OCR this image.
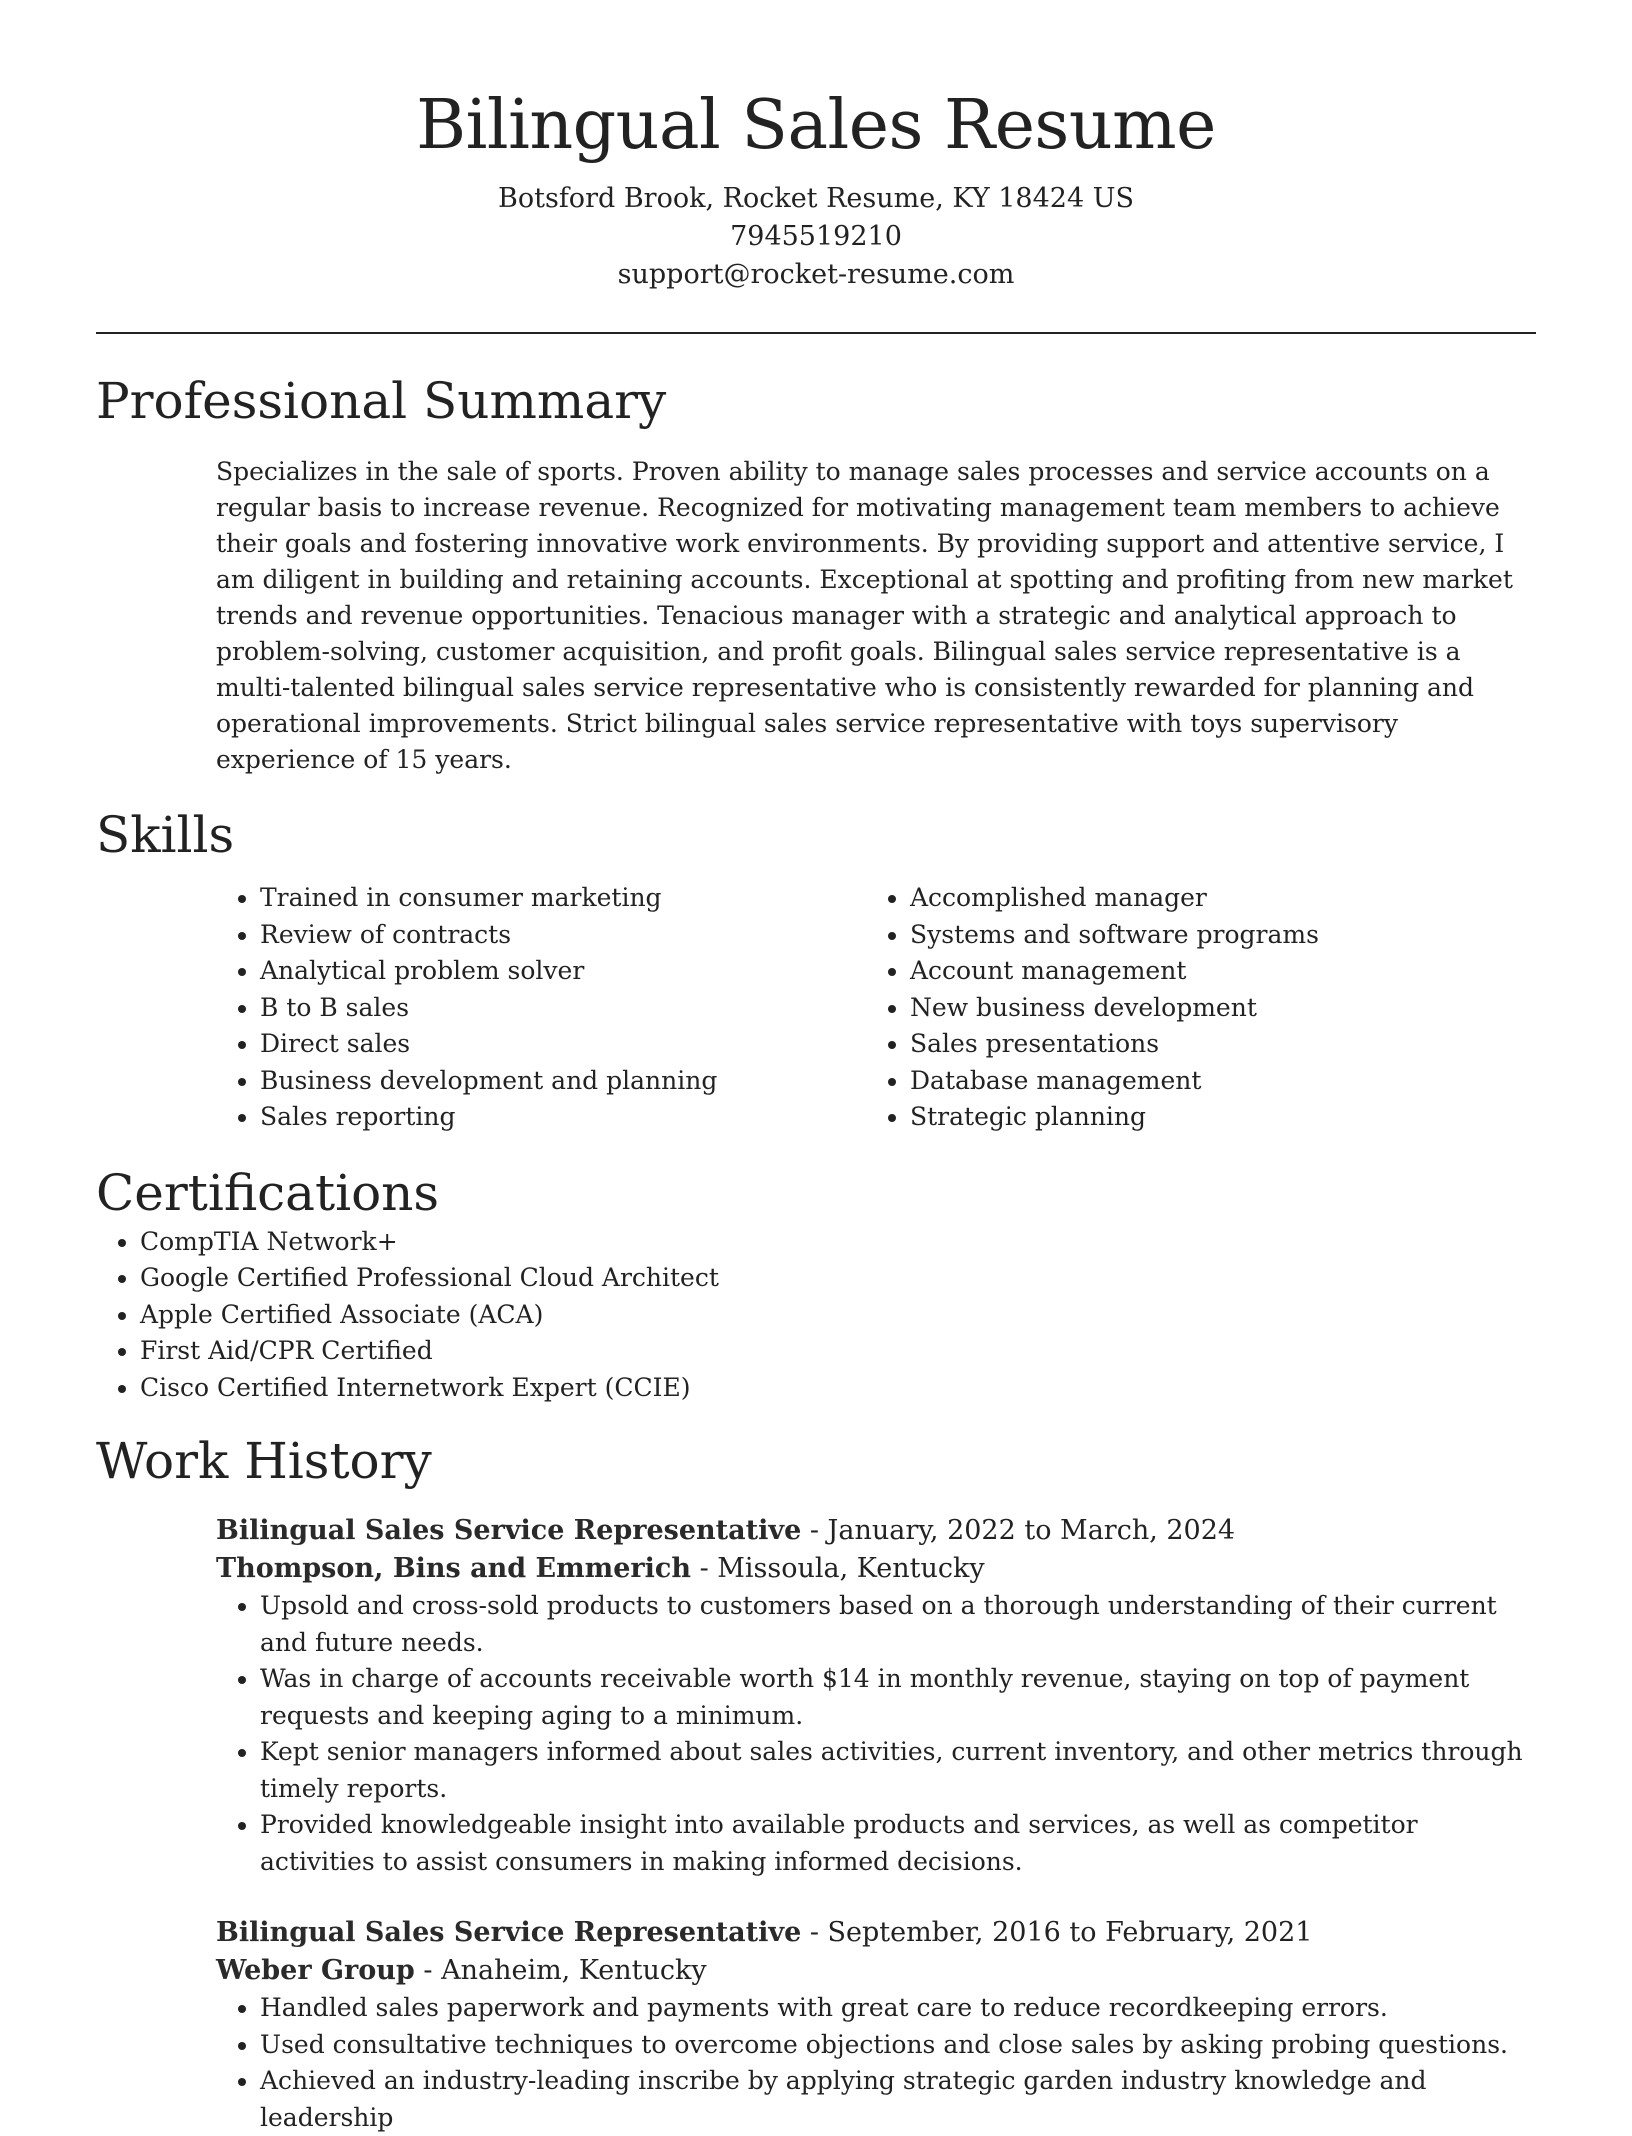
Bilingual Sales Resume
Botsford Brook, Rocket Resume, KY 18424 US
7945519210
support@rocket-resume.com
Professional Summary

Specializes in the sale of sports. Proven ability to manage sales processes and service accounts on a regular basis to increase revenue. Recognized for motivating management team members to achieve their goals and fostering innovative work environments. By providing support and attentive service, I am diligent in building and retaining accounts. Exceptional at spotting and profiting from new market trends and revenue opportunities. Tenacious manager with a strategic and analytical approach to problem-solving, customer acquisition, and profit goals. Bilingual sales service representative is a multi-talented bilingual sales service representative who is consistently rewarded for planning and operational improvements. Strict bilingual sales service representative with toys supervisory experience of 15 years.

Skills
• Trained in consumer marketing
• Review of contracts
• Analytical problem solver
• B to B sales
• Direct sales
• Business development and planning
• Sales reporting
• Accomplished manager
• Systems and software programs
• Account management
• New business development
• Sales presentations
• Database management
• Strategic planning
Certifications
• CompTIA Network+
• Google Certified Professional Cloud Architect
• Apple Certified Associate (ACA)
• First Aid/CPR Certified
• Cisco Certified Internetwork Expert (CCIE)
Work History
Bilingual Sales Service Representative - January, 2022 to March, 2024
Thompson, Bins and Emmerich - Missoula, Kentucky
• Upsold and cross-sold products to customers based on a thorough understanding of their current and future needs.
• Was in charge of accounts receivable worth $14 in monthly revenue, staying on top of payment requests and keeping aging to a minimum.
• Kept senior managers informed about sales activities, current inventory, and other metrics through timely reports.
• Provided knowledgeable insight into available products and services, as well as competitor activities to assist consumers in making informed decisions.
Bilingual Sales Service Representative - September, 2016 to February, 2021
Weber Group - Anaheim, Kentucky
• Handled sales paperwork and payments with great care to reduce recordkeeping errors.
• Used consultative techniques to overcome objections and close sales by asking probing questions.
• Achieved an industry-leading inscribe by applying strategic garden industry knowledge and leadership
